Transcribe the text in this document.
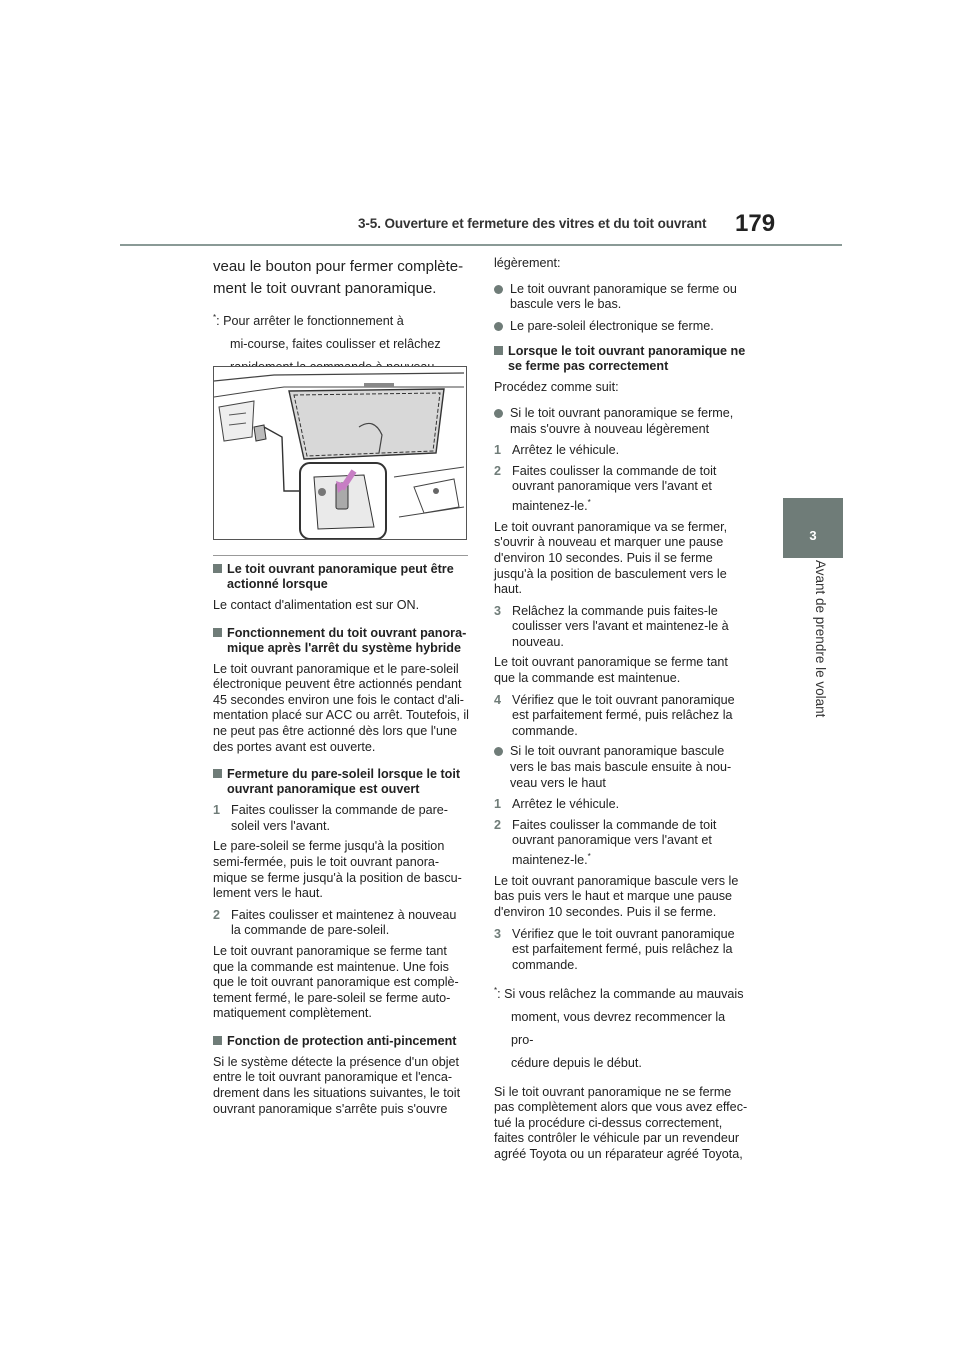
3-5. Ouverture et fermeture des vitres et du toit ouvrant 179
3
Avant de prendre le volant

veau le bouton pour fermer complète-ment le toit ouvrant panoramique.

*: Pour arrêter le fonctionnement à
mi-course, faites coulisser et relâchez

Le toit ouvrant panoramique peut être actionné lorsque

Le contact d'alimentation est sur ON.

Fonctionnement du toit ouvrant panora-mique après l'arrêt du système hybride

Le toit ouvrant panoramique et le pare-soleil électronique peuvent être actionnés pendant 45 secondes environ une fois le contact d'ali-mentation placé sur ACC ou arrêt. Toutefois, il ne peut pas être actionné dès lors que l'une des portes avant est ouverte.

Fermeture du pare-soleil lorsque le toit ouvrant panoramique est ouvert

1 Faites coulisser la commande de pare-soleil vers l'avant.

Le pare-soleil se ferme jusqu'à la position semi-fermée, puis le toit ouvrant panora-mique se ferme jusqu'à la position de bascu-lement vers le haut.

2 Faites coulisser et maintenez à nouveau la commande de pare-soleil.

Le toit ouvrant panoramique se ferme tant que la commande est maintenue. Une fois que le toit ouvrant panoramique est complè-tement fermé, le pare-soleil se ferme auto-matiquement complètement.

Fonction de protection anti-pincement

Si le système détecte la présence d'un objet entre le toit ouvrant panoramique et l'enca-drement dans les situations suivantes, le toit ouvrant panoramique s'arrête puis s'ouvre

légèrement:

Le toit ouvrant panoramique se ferme ou bascule vers le bas.

Le pare-soleil électronique se ferme.

Lorsque le toit ouvrant panoramique ne se ferme pas correctement

Procédez comme suit:

Si le toit ouvrant panoramique se ferme, mais s'ouvre à nouveau légèrement

1 Arrêtez le véhicule.
2 Faites coulisser la commande de toit ouvrant panoramique vers l'avant et maintenez-le.*

Le toit ouvrant panoramique va se fermer, s'ouvrir à nouveau et marquer une pause d'environ 10 secondes. Puis il se ferme jusqu'à la position de basculement vers le haut.

3 Relâchez la commande puis faites-le coulisser vers l'avant et maintenez-le à nouveau.

Le toit ouvrant panoramique se ferme tant que la commande est maintenue.

4 Vérifiez que le toit ouvrant panoramique est parfaitement fermé, puis relâchez la commande.

Si le toit ouvrant panoramique bascule vers le bas mais bascule ensuite à nou-veau vers le haut

1 Arrêtez le véhicule.
2 Faites coulisser la commande de toit ouvrant panoramique vers l'avant et maintenez-le.*

Le toit ouvrant panoramique bascule vers le bas puis vers le haut et marque une pause d'environ 10 secondes. Puis il se ferme.

3 Vérifiez que le toit ouvrant panoramique est parfaitement fermé, puis relâchez la commande.
*: Si vous relâchez la commande au mauvais
moment, vous devrez recommencer la pro-
cédure depuis le début.

Si le toit ouvrant panoramique ne se ferme pas complètement alors que vous avez effec-tué la procédure ci-dessus correctement, faites contrôler le véhicule par un revendeur agréé Toyota ou un réparateur agréé Toyota,
